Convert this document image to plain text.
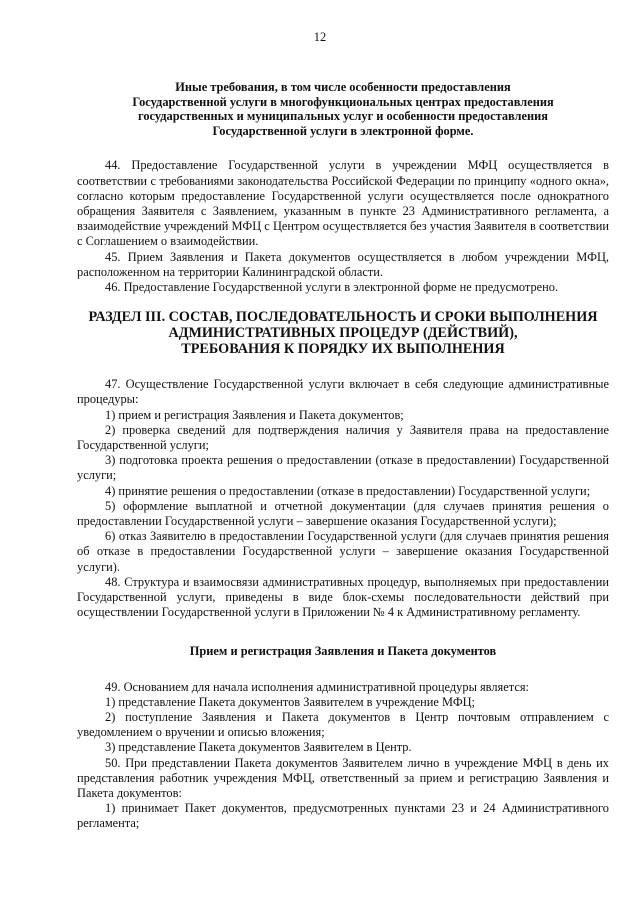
12
Иные требования, в том числе особенности предоставления
Государственной услуги в многофункциональных центрах предоставления
государственных и муниципальных услуг и особенности предоставления
Государственной услуги в электронной форме.

44. Предоставление Государственной услуги в учреждении МФЦ осуществляется в соответствии с требованиями законодательства Российской Федерации по принципу «одного окна», согласно которым предоставление Государственной услуги осуществляется после однократного обращения Заявителя с Заявлением, указанным в пункте 23 Административного регламента, а взаимодействие учреждений МФЦ с Центром осуществляется без участия Заявителя в соответствии с Соглашением о взаимодействии.

45. Прием Заявления и Пакета документов осуществляется в любом учреждении МФЦ, расположенном на территории Калининградской области.

46. Предоставление Государственной услуги в электронной форме не предусмотрено.

РАЗДЕЛ III. СОСТАВ, ПОСЛЕДОВАТЕЛЬНОСТЬ И СРОКИ ВЫПОЛНЕНИЯ
АДМИНИСТРАТИВНЫХ ПРОЦЕДУР (ДЕЙСТВИЙ),
ТРЕБОВАНИЯ К ПОРЯДКУ ИХ ВЫПОЛНЕНИЯ

47. Осуществление Государственной услуги включает в себя следующие административные процедуры:

1) прием и регистрация Заявления и Пакета документов;

2) проверка сведений для подтверждения наличия у Заявителя права на предоставление Государственной услуги;

3) подготовка проекта решения о предоставлении (отказе в предоставлении) Государственной услуги;

4) принятие решения о предоставлении (отказе в предоставлении) Государственной услуги;

5) оформление выплатной и отчетной документации (для случаев принятия решения о предоставлении Государственной услуги – завершение оказания Государственной услуги);

6) отказ Заявителю в предоставлении Государственной услуги (для случаев принятия решения об отказе в предоставлении Государственной услуги – завершение оказания Государственной услуги).

48. Структура и взаимосвязи административных процедур, выполняемых при предоставлении Государственной услуги, приведены в виде блок-схемы последовательности действий при осуществлении Государственной услуги в Приложении № 4 к Административному регламенту.

Прием и регистрация Заявления и Пакета документов

49. Основанием для начала исполнения административной процедуры является:

1) представление Пакета документов Заявителем в учреждение МФЦ;

2) поступление Заявления и Пакета документов в Центр почтовым отправлением с уведомлением о вручении и описью вложения;

3) представление Пакета документов Заявителем в Центр.

50. При представлении Пакета документов Заявителем лично в учреждение МФЦ в день их представления работник учреждения МФЦ, ответственный за прием и регистрацию Заявления и Пакета документов:

1) принимает Пакет документов, предусмотренных пунктами 23 и 24 Административного регламента;
